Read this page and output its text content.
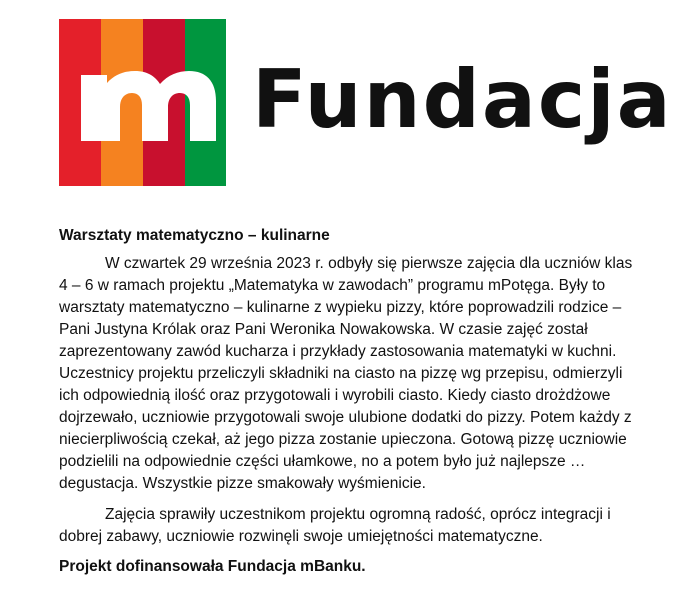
Fundacja
Warsztaty matematyczno – kulinarne

W czwartek 29 września 2023 r. odbyły się pierwsze zajęcia dla uczniów klas 4 – 6 w ramach projektu „Matematyka w zawodach” programu mPotęga. Były to warsztaty matematyczno – kulinarne z wypieku pizzy, które poprowadzili rodzice – Pani Justyna Królak oraz Pani Weronika Nowakowska. W czasie zajęć został zaprezentowany zawód kucharza i przykłady zastosowania matematyki w kuchni. Uczestnicy projektu przeliczyli składniki na ciasto na pizzę wg przepisu, odmierzyli ich odpowiednią ilość oraz przygotowali i wyrobili ciasto. Kiedy ciasto drożdżowe dojrzewało, uczniowie przygotowali swoje ulubione dodatki do pizzy. Potem każdy z niecierpliwością czekał, aż jego pizza zostanie upieczona. Gotową pizzę uczniowie podzielili na odpowiednie części ułamkowe, no a potem było już najlepsze … degustacja. Wszystkie pizze smakowały wyśmienicie.

Zajęcia sprawiły uczestnikom projektu ogromną radość, oprócz integracji i dobrej zabawy, uczniowie rozwinęli swoje umiejętności matematyczne.

Projekt dofinansowała Fundacja mBanku.
